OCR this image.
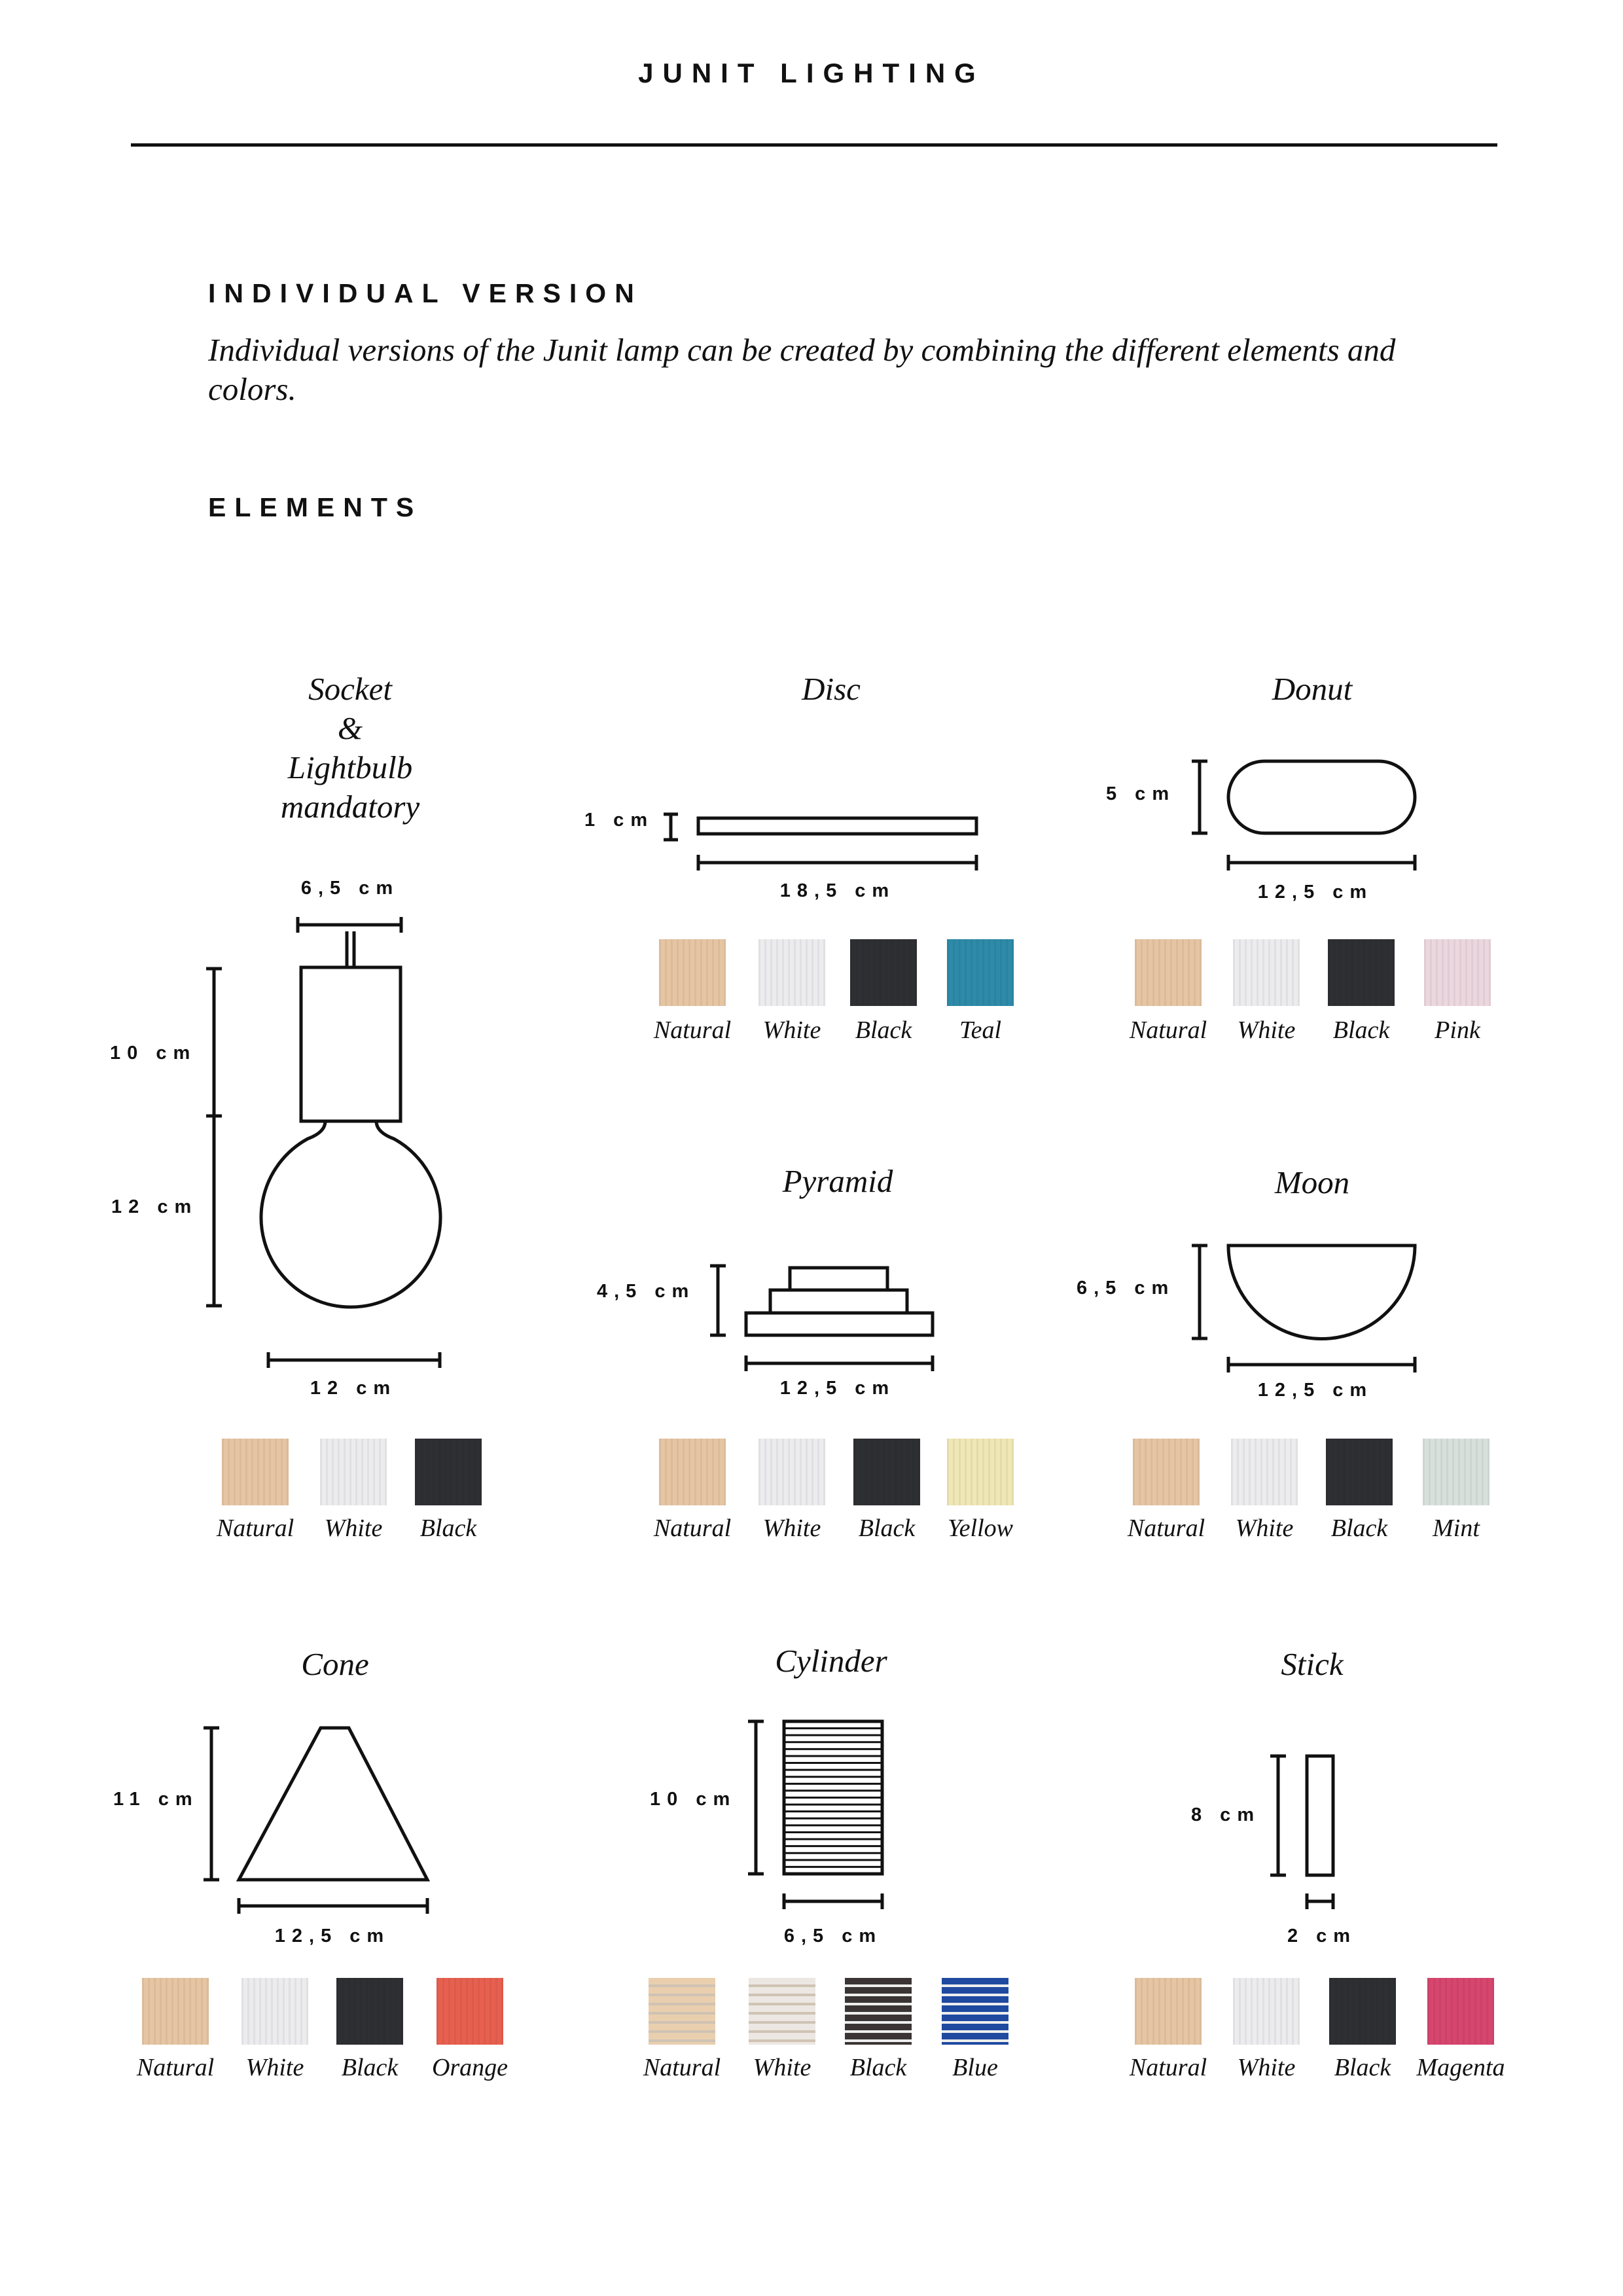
JUNIT LIGHTING
INDIVIDUAL VERSION
Individual versions of the Junit lamp can be created by combining the different elements and colors.
ELEMENTS
Socket
&
Lightbulb
mandatory
Disc	Donut
Pyramid	Moon
Cone	Cylinder	Stick
6,5 cm
10 cm
12 cm
12 cm
1 cm
18,5 cm
5 cm
12,5 cm
4,5 cm
12,5 cm
6,5 cm
12,5 cm
11 cm
12,5 cm
10 cm
6,5 cm
8 cm
2 cm
Natural White Black
Natural White Black Teal	Natural White Black Pink
Natural White Black Yellow	Natural White Black Mint
Natural White Black Orange	Natural White Black Blue	Natural White Black Magenta
